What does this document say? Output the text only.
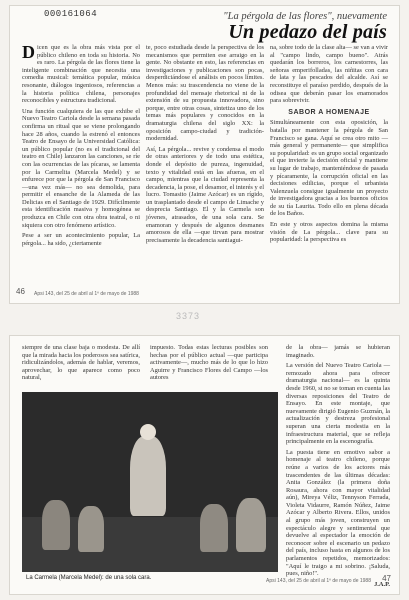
000161064	"La pérgola de las flores", nuevamente
Un pedazo del país

D icen que es la obra más vista por el público chileno en toda su historia. No es raro. La pérgola de las flores tiene la inteligente combinación que necesita una comedia musical: temática popular, música resonante, diálogos ingeniosos, referencias a la historia política chilena, personajes reconocibles y estructura tradicional.

Una función cualquiera de las que exhibe el Nuevo Teatro Cariola desde la semana pasada confirma un ritual que se viene prolongando hace 28 años, cuando la estrenó el entonces Teatro de Ensayo de la Universidad Católica: un público popular (no es el tradicional del teatro en Chile) lanzaron las canciones, se ríe con las ocurrencias de las pícaras, se lamenta por la Carmelita (Marcela Medel) y se enfurece por que la pérgola de San Francisco —una vez más— no sea demolida, para permitir el ensanche de la Alameda de las Delicias en el Santiago de 1929. Difícilmente esta identificación masiva y homogénea se produzca en Chile con otra obra teatral, o ni siquiera con otro fenómeno artístico.

Pese a ser un acontecimiento popular, La pérgola... ha sido, ¿ciertamente

te, poco estudiada desde la perspectiva de los mecanismos que permiten ese arraigo en la gente. No obstante en esto, las referencias en investigaciones y publicaciones son pocas, desperdiciándose el análisis en pocos límites. Menos más: su trascendencia no viene de la profundidad del mensaje rhetorical ni de la extensión de su propuesta innovadora, sino porque, entre otras cosas, sintetiza uno de los temas más populares y conocidos en la dramaturgia chilena del siglo XX: la oposición campo-ciudad y tradición-modernidad.

Así, La pérgola... revive y condensa el modo de otras anteriores y de todo una estética, donde el depósito de pureza, ingenuidad, texto y vitalidad está en las afueras, en el campo, mientras que la ciudad representa la decadencia, la pose, el desamor, el interés y el lucro. Tomasito (Jaime Azócar) es un rígido, un trasplantado desde el campo de Limache y desprecia Santiago. El y la Carmela son jóvenes, atrasados, de una sola cara. Se enamoran y después de algunos desmanes amorosos de ella —que tirvan para mostrar precisamente la decadencia santiagui-

na, sobre todo de la clase alta— se van a vivir al "campo lindo, campo bueno". Atrás quedarán los borreros, los carnestorres, las señoras emperifolladas, las niñitas con cara de lata y las pescados del alcalde. Así se reconstituye el paraíso perdido, después de la odisea que deberán pasar los enamorados para sobrevivir.

SABOR A HOMENAJE

Simultáneamente con esta oposición, la batalla por mantener la pérgola de San Francisco se gana. Aquí se crea otro mito —más general y permanente— que simplifica su popularidad: es un grupo social organizado el que invierte la decisión oficial y mantiene su lugar de trabajo, manteniéndose de pasada y pícaramente, la corrupción oficial en las decisiones edilicias, porque el urbanista Valenzuela consigue igualmente un proyecto de investigadora gracias a los buenos oficios de su tía Laurita. Todo ello en plena década de los Baños.

En este y otros aspectos domina la misma visión de La pérgola... clave para su popularidad: la perspectiva es

46 Apsi 143, del 25 de abril al 1º de mayo de 1988
3373

siempre de una clase baja o modesta. De allí que la mirada hacia los poderosos sea satírica, ridiculizándolos, además de hablar, veremos, aprovechar, lo que aparece como poco natural,

impuesto. Todas estas lecturas posibles son hechas por el público actual —que participa activamente—, mucho más de lo que lo hizo Aguirre y Francisco Flores del Campo —los autores

La Carmela (Marcela Medel): de una sola cara.

de la obra— jamás se hubieran imaginado.

La versión del Nuevo Teatro Cariola —remozado ahora para ofrecer dramaturgia nacional— es la quinta desde 1960, si no se toman en cuenta las diversas reposiciones del Teatro de Ensayo. En este montaje, que nuevamente dirigió Eugenio Guzmán, la actualización y destreza profesional superan una cierta modestia en la infraestructura material, que se refleja principalmente en la escenografía.

La puesta tiene en emotivo sabor a homenaje al teatro chileno, porque reúne a varios de los actores más trascendentes de las últimas décadas: Anita González (la primera doña Rosaura, ahora con mayor vitalidad aún), Mireya Véliz, Tennyson Ferrada, Violeta Vidaurre, Ramón Núñez, Jaime Azócar y Alberto Rivera. Ellos, unidos al grupo más joven, construyen un espectáculo alegre y sentimental que devuelve al espectador la emoción de reconocer sobre el escenario un pedazo del país, incluso hasta en algunos de los parlamentos repetidos, memorizados: "Aquí le traigo a mi sobrino. ¡Saluda, pues, niño!".

J.A.P.

Apsi 143, del 25 de abril al 1º de mayo de 1988 47
